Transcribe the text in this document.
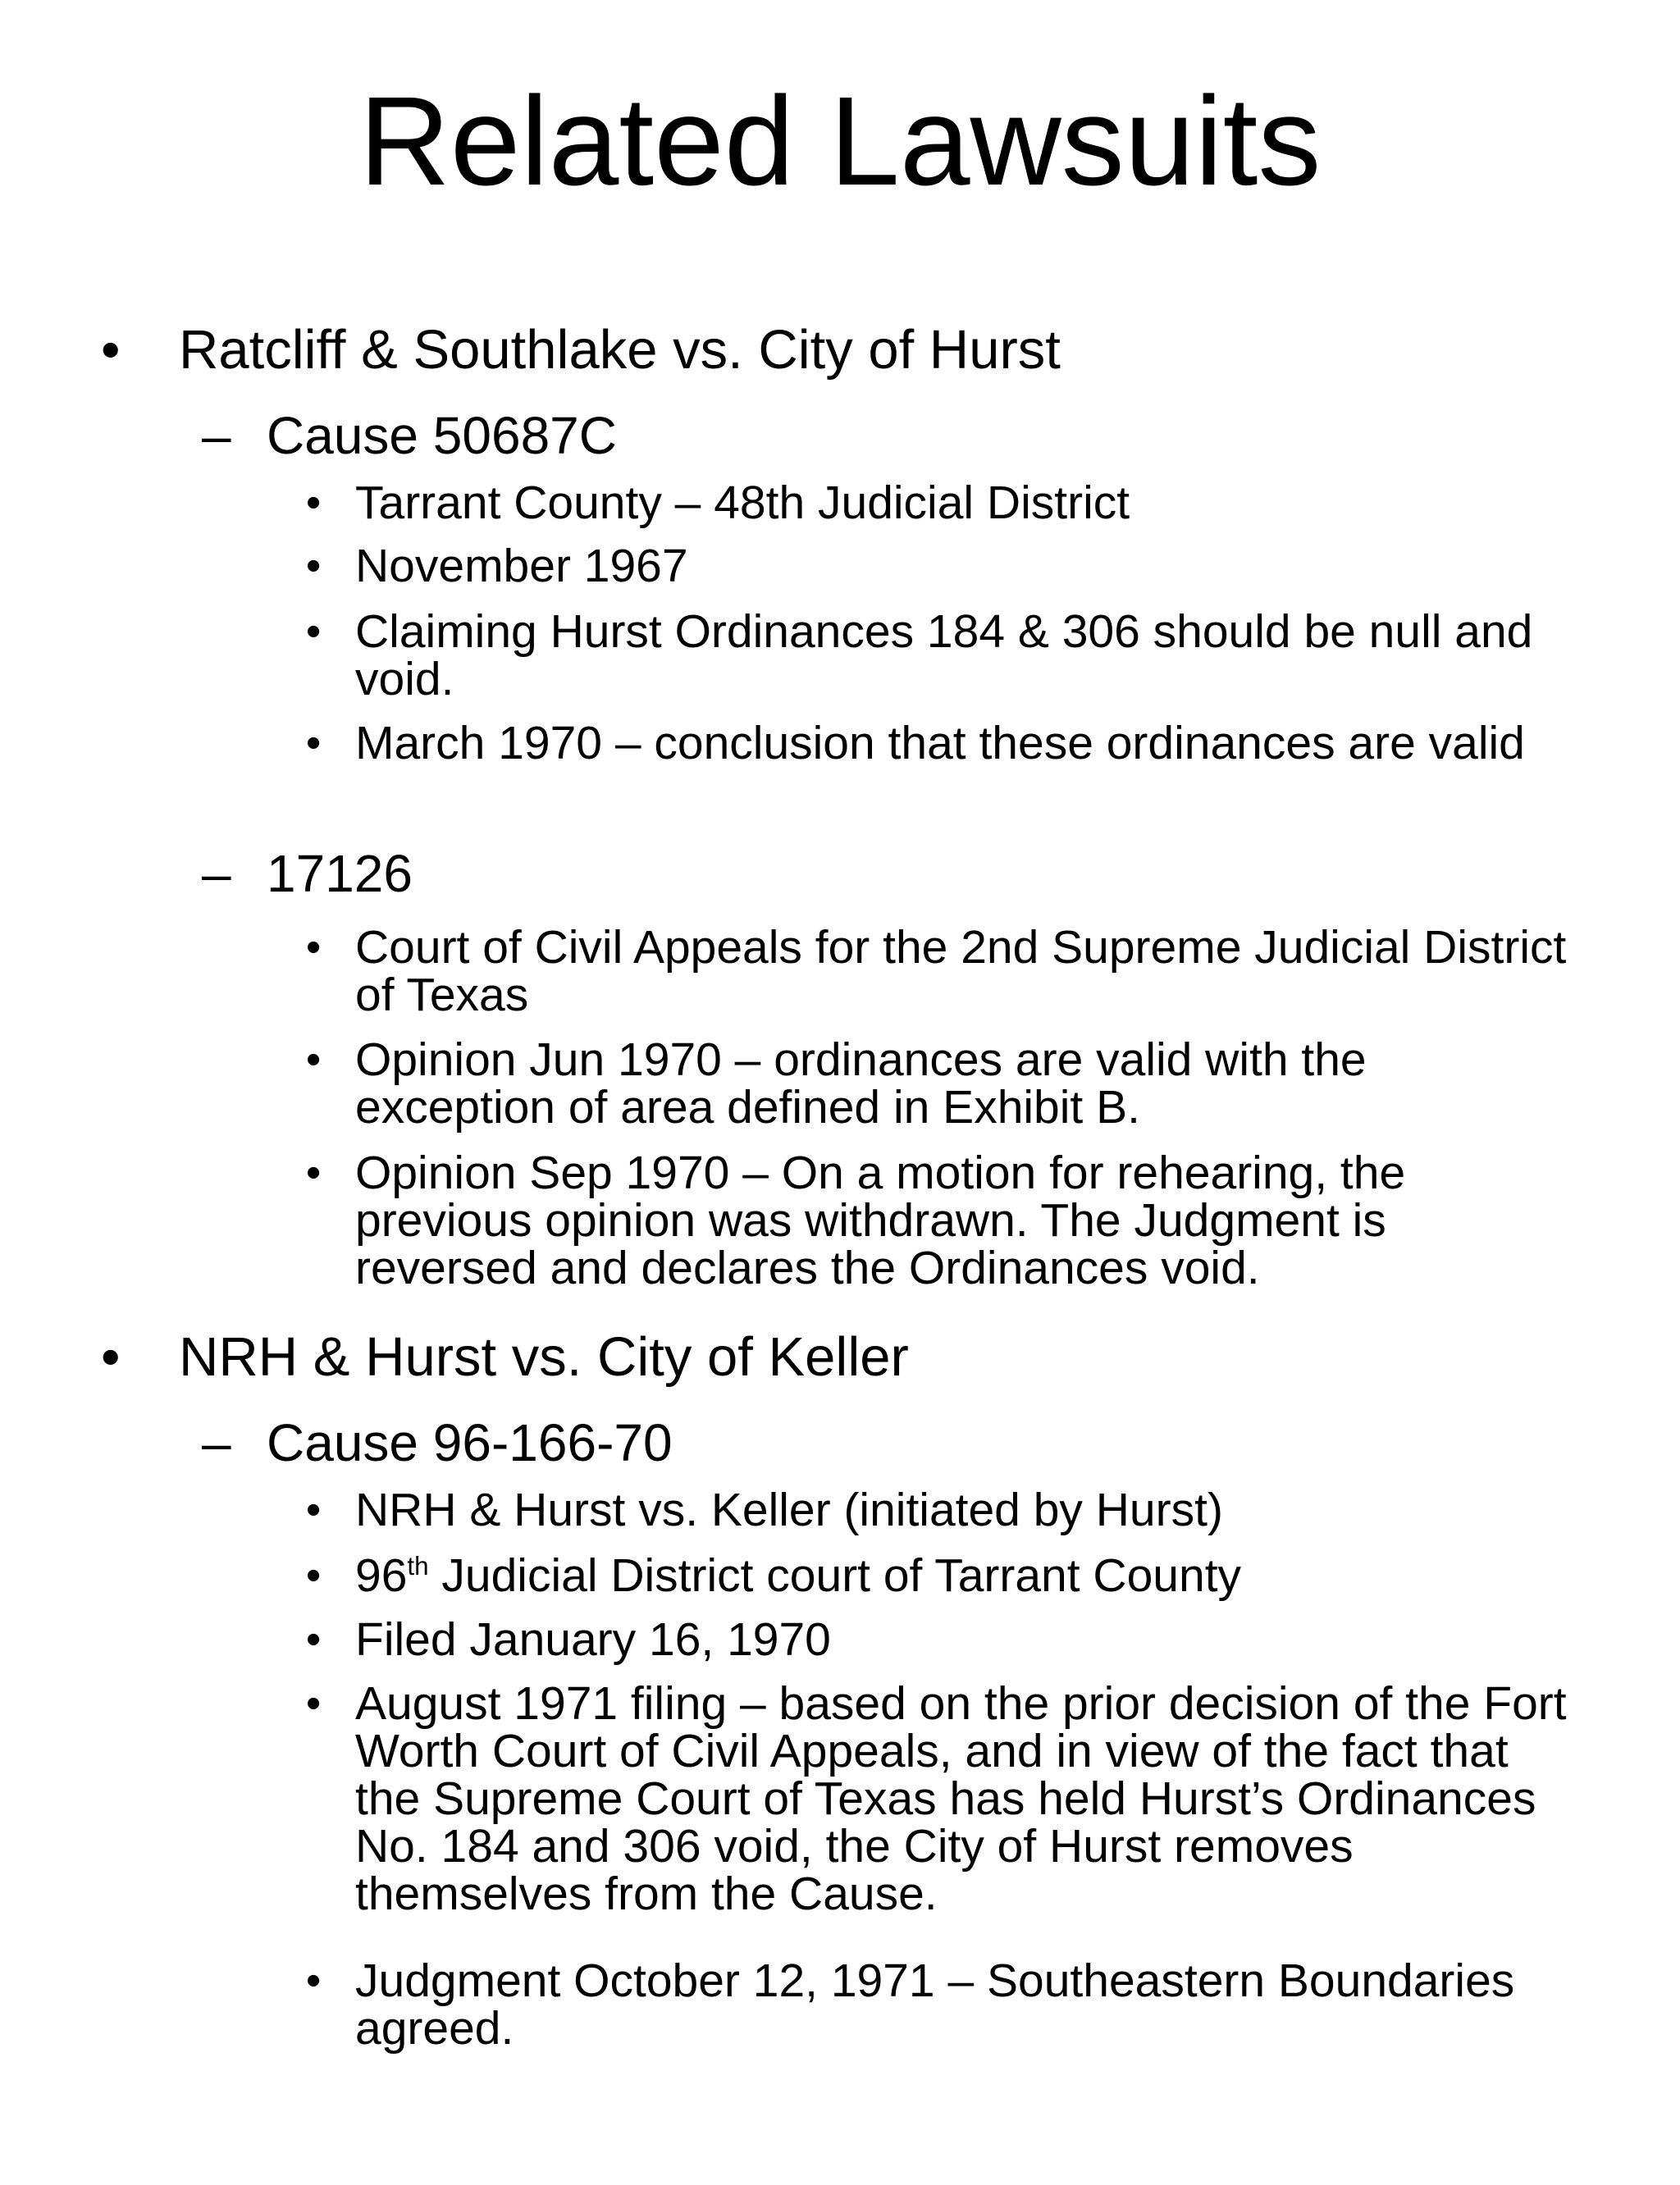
Related Lawsuits
• Ratcliff & Southlake vs. City of Hurst

– Cause 50687C

• Tarrant County – 48th Judicial District

• November 1967

• Claiming Hurst Ordinances 184 & 306 should be null and void.

• March 1970 – conclusion that these ordinances are valid

– 17126

• Court of Civil Appeals for the 2nd Supreme Judicial District of Texas

• Opinion Jun 1970 – ordinances are valid with the exception of area defined in Exhibit B.

• Opinion Sep 1970 – On a motion for rehearing, the previous opinion was withdrawn. The Judgment is reversed and declares the Ordinances void.

• NRH & Hurst vs. City of Keller

– Cause 96-166-70

• NRH & Hurst vs. Keller (initiated by Hurst)

• 96th Judicial District court of Tarrant County

• Filed January 16, 1970

• August 1971 filing – based on the prior decision of the Fort Worth Court of Civil Appeals, and in view of the fact that the Supreme Court of Texas has held Hurst’s Ordinances No. 184 and 306 void, the City of Hurst removes themselves from the Cause.

• Judgment October 12, 1971 – Southeastern Boundaries agreed.
